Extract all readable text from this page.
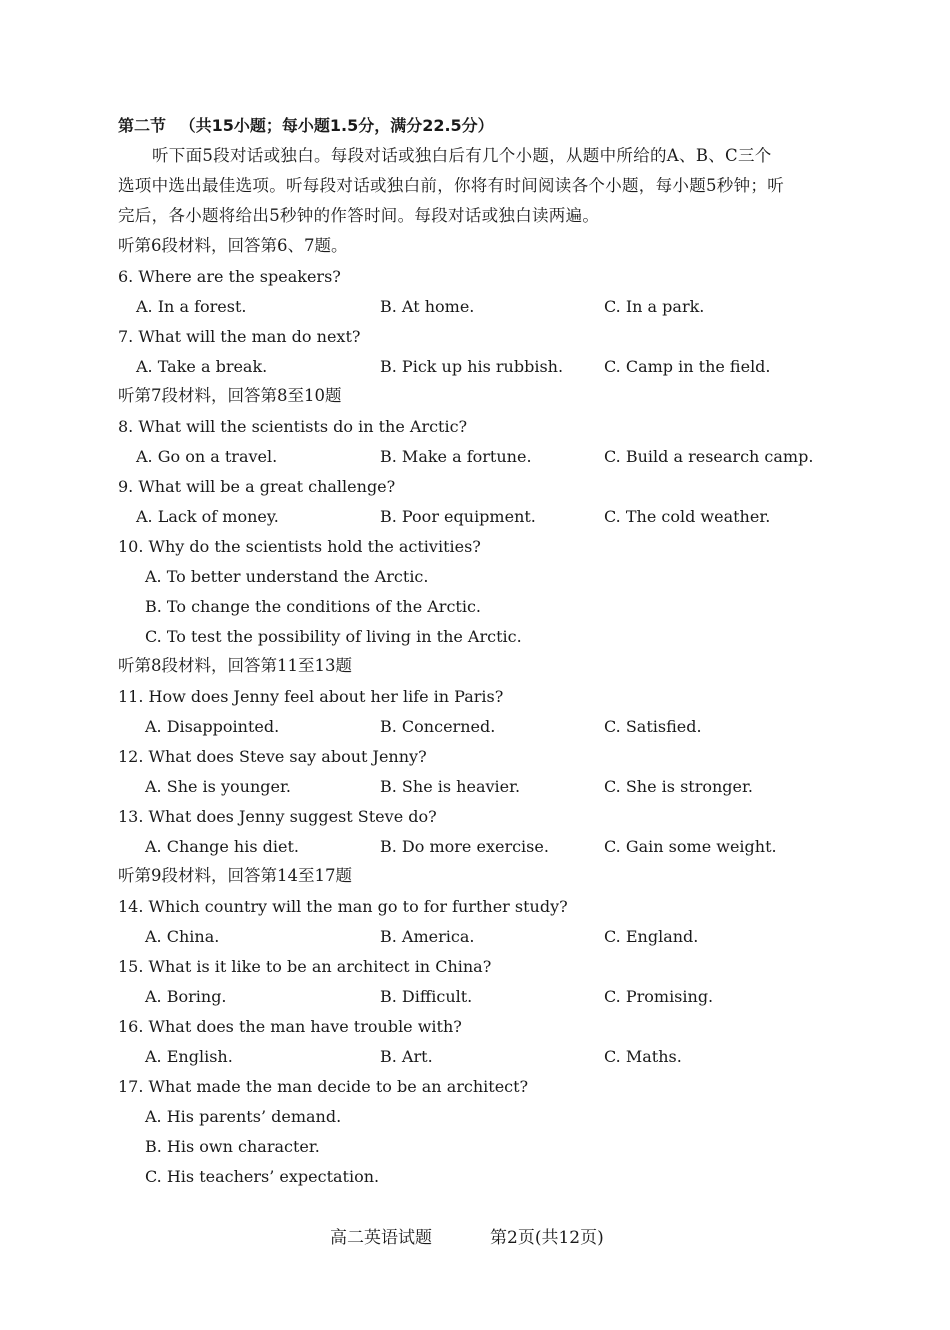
第二节 （共15小题；每小题1.5分，满分22.5分）
听下面5段对话或独白。每段对话或独白后有几个小题，从题中所给的A、B、C三个
选项中选出最佳选项。听每段对话或独白前，你将有时间阅读各个小题，每小题5秒钟；听
完后，各小题将给出5秒钟的作答时间。每段对话或独白读两遍。
听第6段材料，回答第6、7题。
6. Where are the speakers?
A. In a forest.	B. At home.	C. In a park.
7. What will the man do next?
A. Take a break.	B. Pick up his rubbish.	C. Camp in the field.
听第7段材料，回答第8至10题
8. What will the scientists do in the Arctic?
A. Go on a travel.	B. Make a fortune.	C. Build a research camp.
9. What will be a great challenge?
A. Lack of money.	B. Poor equipment.	C. The cold weather.
10. Why do the scientists hold the activities?
A. To better understand the Arctic.
B. To change the conditions of the Arctic.
C. To test the possibility of living in the Arctic.
听第8段材料，回答第11至13题
11. How does Jenny feel about her life in Paris?
A. Disappointed.	B. Concerned.	C. Satisfied.
12. What does Steve say about Jenny?
A. She is younger.	B. She is heavier.	C. She is stronger.
13. What does Jenny suggest Steve do?
A. Change his diet.	B. Do more exercise.	C. Gain some weight.
听第9段材料，回答第14至17题
14. Which country will the man go to for further study?
A. China.	B. America.	C. England.
15. What is it like to be an architect in China?
A. Boring.	B. Difficult.	C. Promising.
16. What does the man have trouble with?
A. English.	B. Art.	C. Maths.
17. What made the man decide to be an architect?
A. His parents’ demand.
B. His own character.
C. His teachers’ expectation.
高二英语试题	第2页(共12页)
